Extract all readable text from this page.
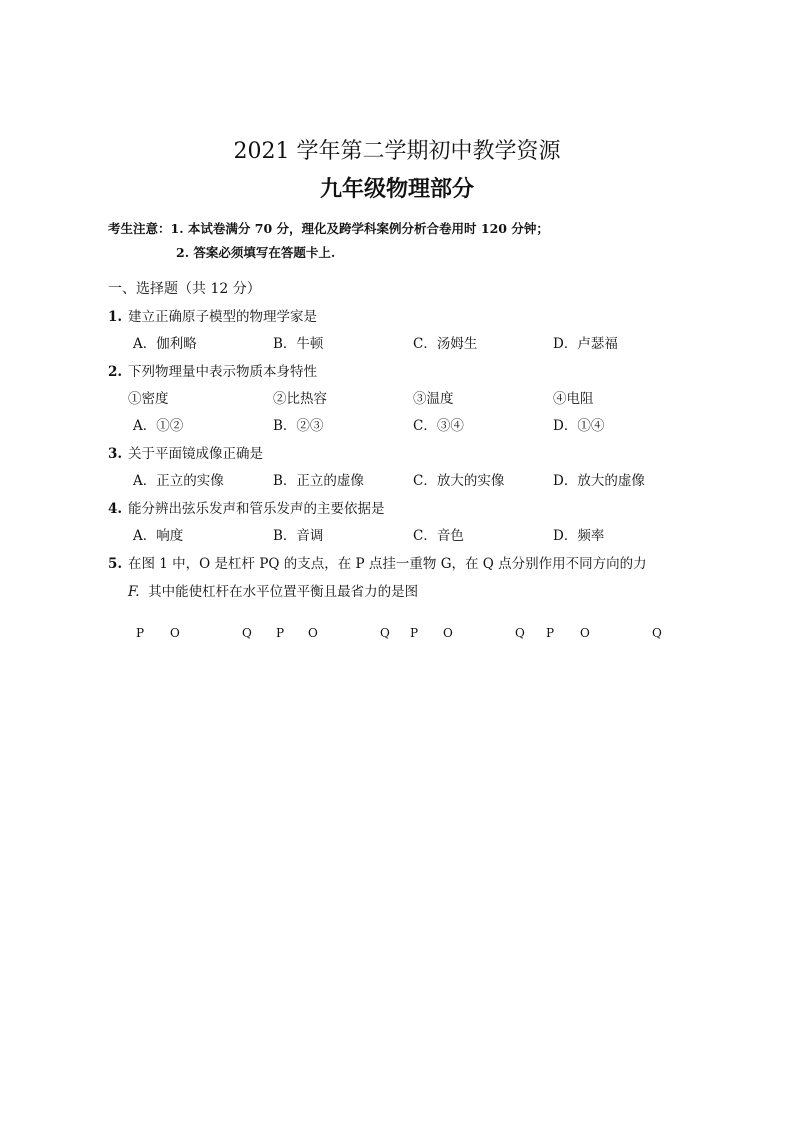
2021 学年第二学期初中教学资源
九年级物理部分
考生注意：1. 本试卷满分 70 分，理化及跨学科案例分析合卷用时 120 分钟；
2. 答案必须填写在答题卡上.
一、选择题（共 12 分）
1. 建立正确原子模型的物理学家是
A．伽利略	B．牛顿	C．汤姆生	D．卢瑟福
2. 下列物理量中表示物质本身特性
①密度	②比热容	③温度	④电阻
A．①②	B．②③	C．③④	D．①④
3. 关于平面镜成像正确是
A．正立的实像	B．正立的虚像	C．放大的实像	D．放大的虚像
4. 能分辨出弦乐发声和管乐发声的主要依据是
A．响度	B．音调	C．音色	D．频率
5. 在图 1 中，O 是杠杆 PQ 的支点，在 P 点挂一重物 G，在 Q 点分别作用不同方向的力
F. 其中能使杠杆在水平位置平衡且最省力的是图
P O	Q P O	Q P O	Q P O	Q
